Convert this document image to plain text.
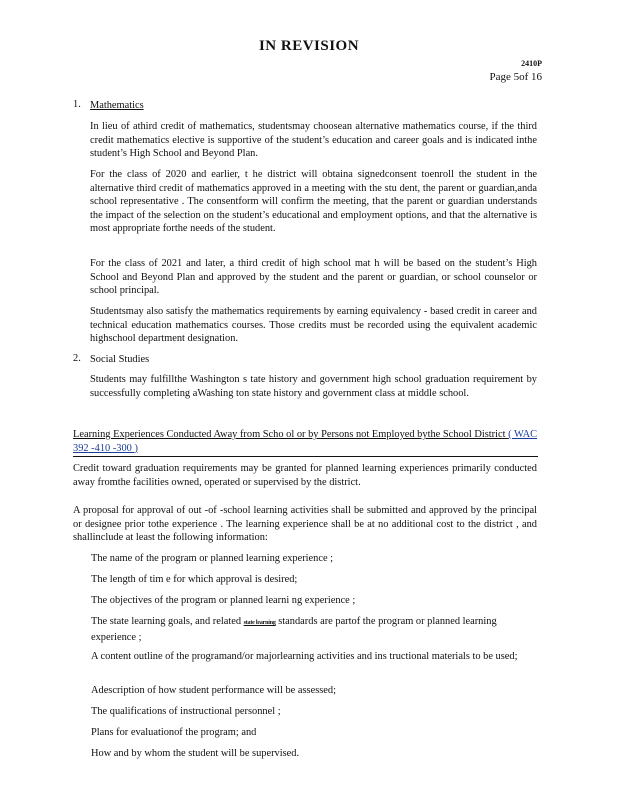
IN REVISION
2410P
Page 5of 16
1. Mathematics
In lieu of athird credit of mathematics, studentsmay choosean alternative mathematics course, if the third credit mathematics elective is supportive of the student’s education and career goals and is indicated inthe student’s High School and Beyond Plan.
For the class of 2020 and earlier, t he district will obtaina signedconsent toenroll the student in the alternative third credit of mathematics approved in a meeting with the stu dent, the parent or guardian,anda school representative . The consentform will confirm the meeting, that the parent or guardian understands the impact of the selection on the student’s educational and employment options, and that the alternative is most appropriate forthe needs of the student.
For the class of 2021 and later, a third credit of high school mat h will be based on the student’s High School and Beyond Plan and approved by the student and the parent or guardian, or school counselor or school principal.
Studentsmay also satisfy the mathematics requirements by earning equivalency - based credit in career and technical education mathematics courses. Those credits must be recorded using the equivalent academic highschool department designation.
2. Social Studies
Students may fulfillthe Washington s tate history and government high school graduation requirement by successfully completing aWashing ton state history and government class at middle school.
Learning Experiences Conducted Away from Scho ol or by Persons not Employed bythe School District ( WAC 392 -410 -300 )
Credit toward graduation requirements may be granted for planned learning experiences primarily conducted away fromthe facilities owned, operated or supervised by the district.
A proposal for approval of out -of -school learning activities shall be submitted and approved by the principal or designee prior tothe experience . The learning experience shall be at no additional cost to the district , and shallinclude at least the following information:
The name of the program or planned learning experience ;
The length of tim e for which approval is desired;
The objectives of the program or planned learni ng experience ;
The state learning goals, and related state learning standards are partof the program or planned learning experience ;
A content outline of the programand/or majorlearning activities and ins tructional materials to be used;
Adescription of how student performance will be assessed;
The qualifications of instructional personnel ;
Plans for evaluationof the program; and
How and by whom the student will be supervised.
